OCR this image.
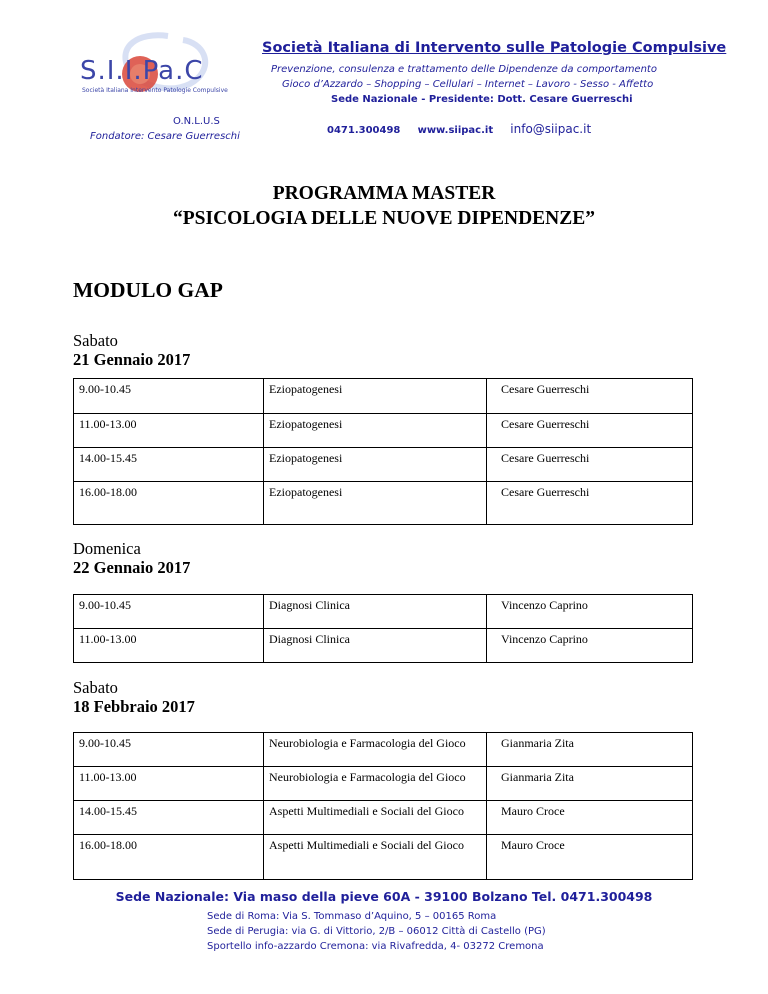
S.I.I.Pa.C
Società Italiana Intervento Patologie Compulsive
Società Italiana di Intervento sulle Patologie Compulsive
Prevenzione, consulenza e trattamento delle Dipendenze da comportamento
Gioco d’Azzardo – Shopping – Cellulari – Internet – Lavoro - Sesso - Affetto
Sede Nazionale - Presidente: Dott. Cesare Guerreschi
O.N.L.U.S
Fondatore: Cesare Guerreschi
0471.300498 www.siipac.it info@siipac.it
PROGRAMMA MASTER
“PSICOLOGIA DELLE NUOVE DIPENDENZE”
MODULO GAP
Sabato
21 Gennaio 2017
9.00-10.45	Eziopatogenesi	Cesare Guerreschi
11.00-13.00	Eziopatogenesi	Cesare Guerreschi
14.00-15.45	Eziopatogenesi	Cesare Guerreschi
16.00-18.00	Eziopatogenesi	Cesare Guerreschi
Domenica
22 Gennaio 2017
9.00-10.45	Diagnosi Clinica	Vincenzo Caprino
11.00-13.00	Diagnosi Clinica	Vincenzo Caprino
Sabato
18 Febbraio 2017
9.00-10.45	Neurobiologia e Farmacologia del Gioco	Gianmaria Zita
11.00-13.00	Neurobiologia e Farmacologia del Gioco	Gianmaria Zita
14.00-15.45	Aspetti Multimediali e Sociali del Gioco	Mauro Croce
16.00-18.00	Aspetti Multimediali e Sociali del Gioco	Mauro Croce
Sede Nazionale: Via maso della pieve 60A - 39100 Bolzano Tel. 0471.300498
Sede di Roma: Via S. Tommaso d’Aquino, 5 – 00165 Roma
Sede di Perugia: via G. di Vittorio, 2/B – 06012 Città di Castello (PG)
Sportello info-azzardo Cremona: via Rivafredda, 4- 03272 Cremona
